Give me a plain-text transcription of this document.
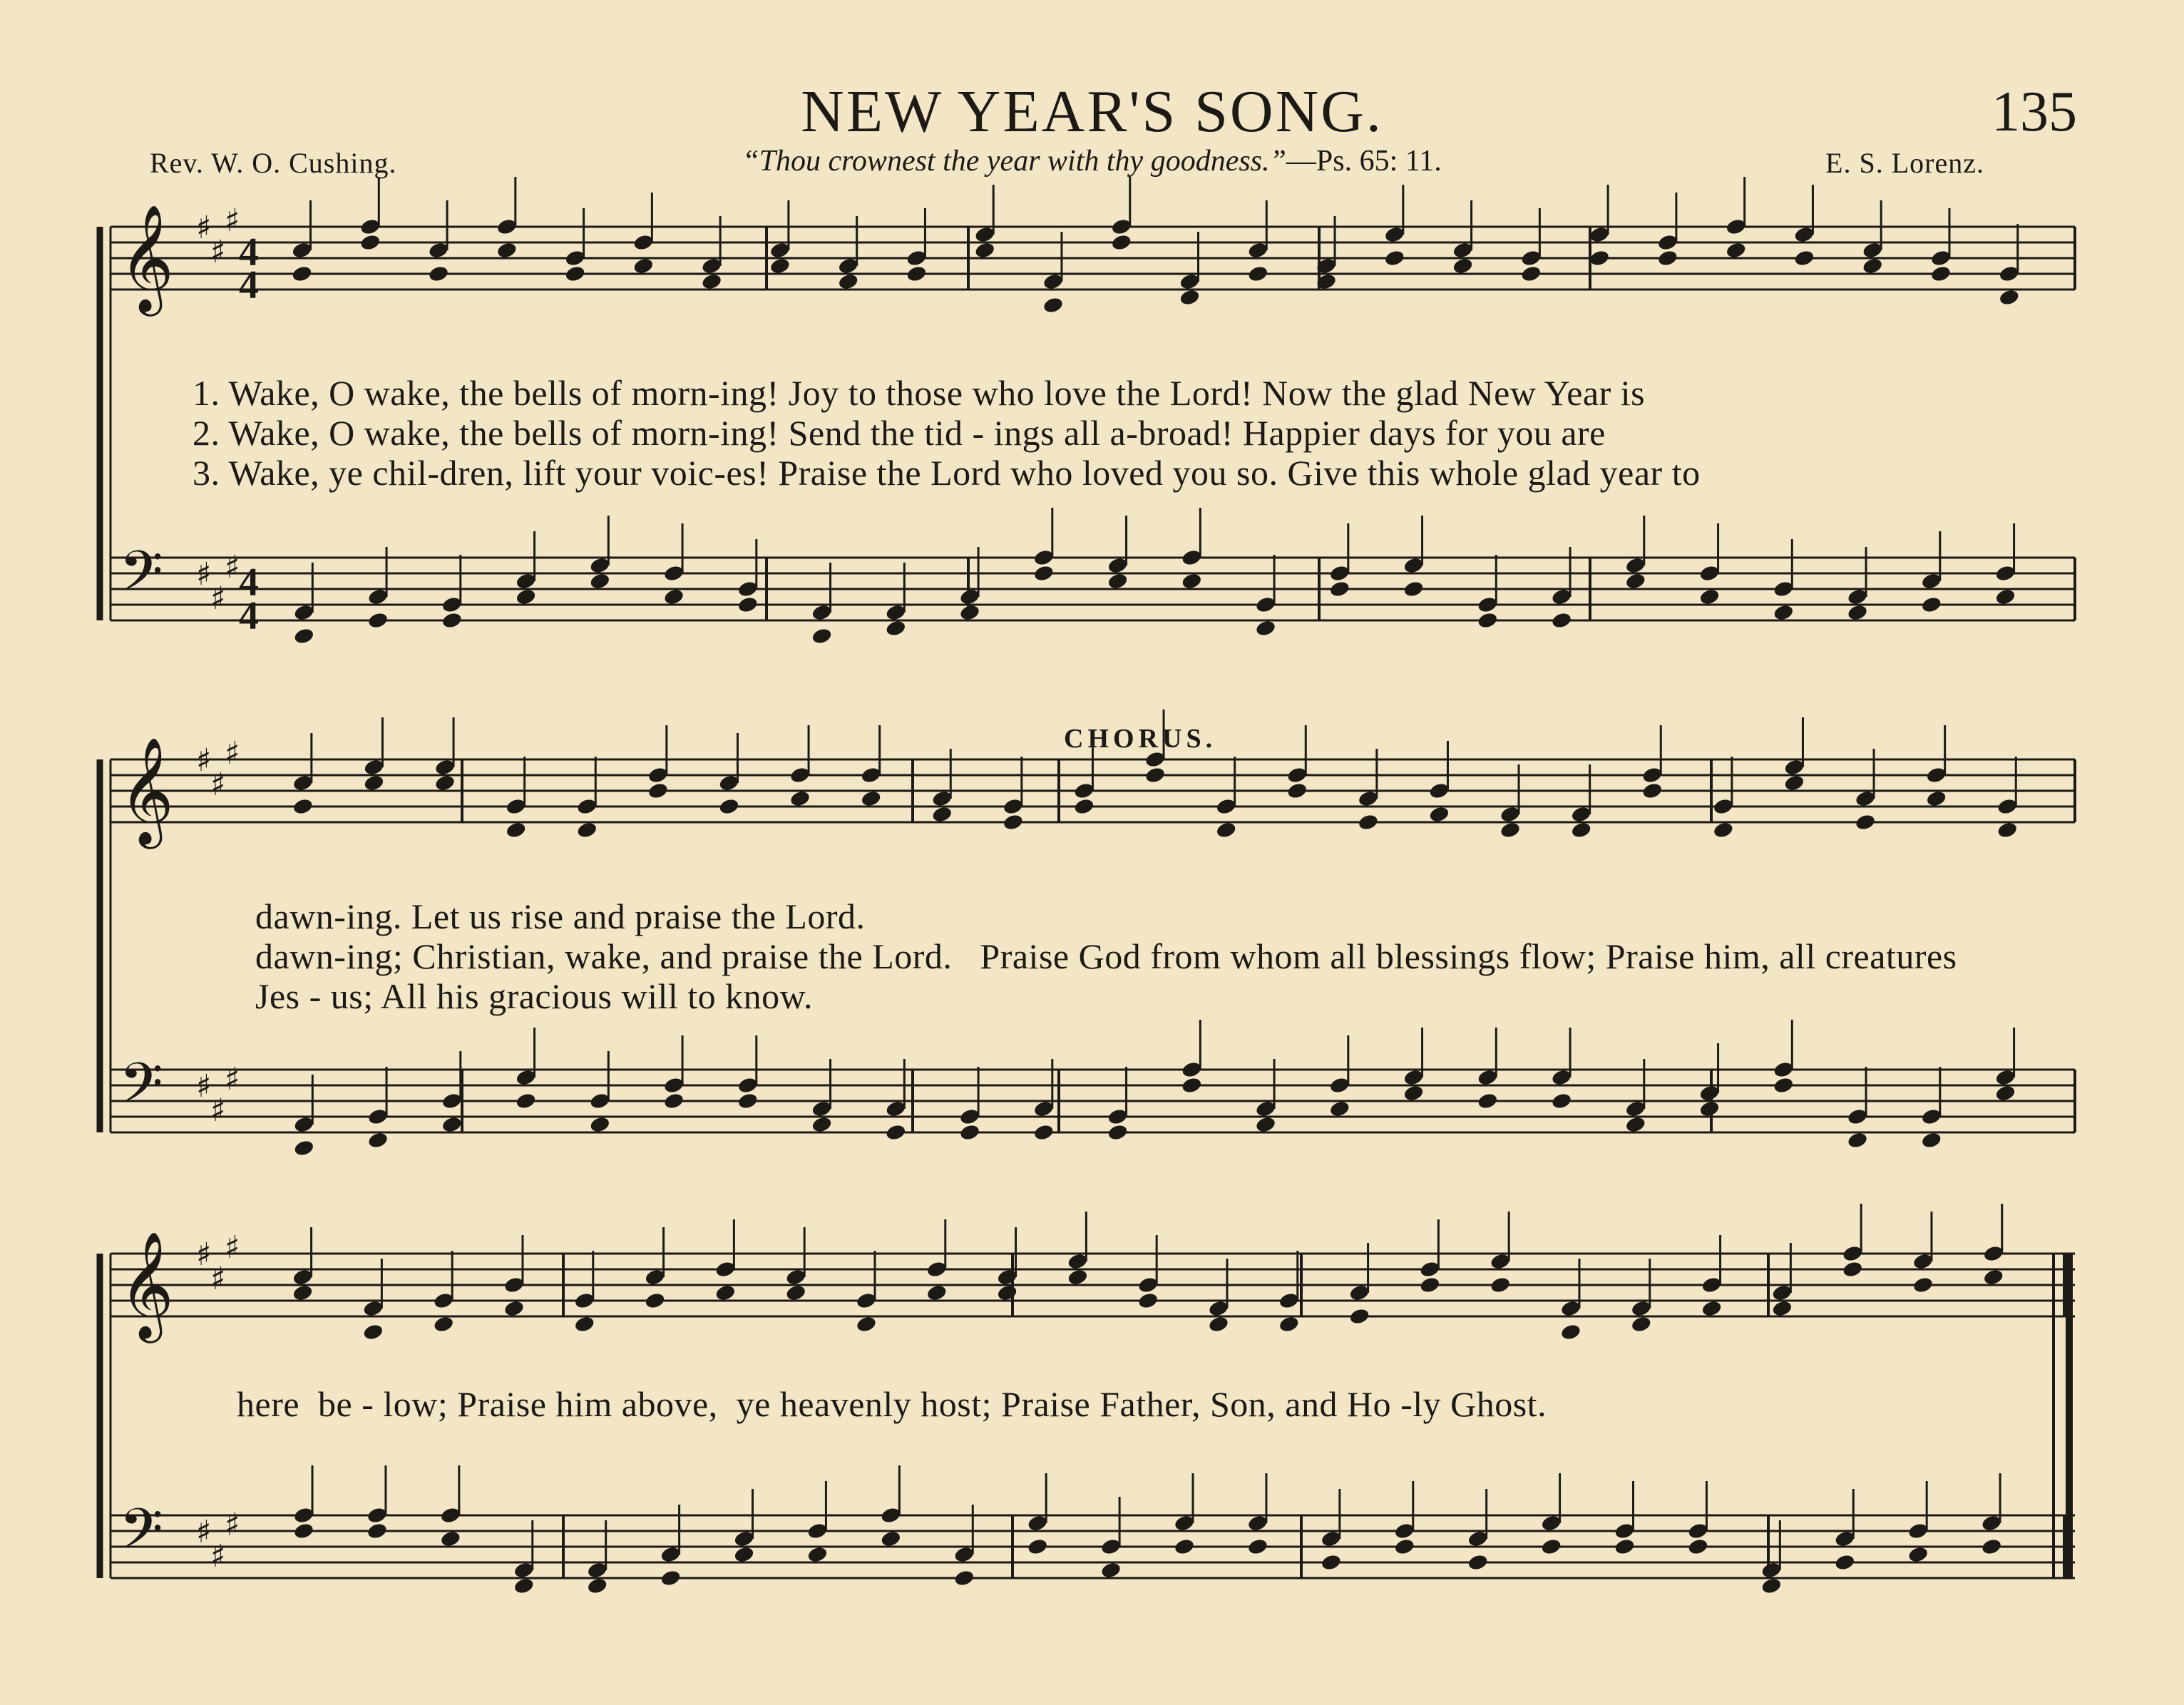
NEW YEAR'S SONG.	135
Rev. W. O. Cushing.	“Thou crownest the year with thy goodness.”—Ps. 65: 11.	E. S. Lorenz.
𝄞 ♯
♯
♯
𝄢 ♯
♯
♯
𝄞 ♯
♯
♯
𝄢 ♯
♯
♯
𝄞 ♯
♯
♯
𝄢 ♯
♯
♯
4
4
4
4
1. Wake, O wake, the bells of morn-ing! Joy to those who love the Lord! Now the glad New Year is
2. Wake, O wake, the bells of morn-ing! Send the tid - ings all a-broad! Happier days for you are
3. Wake, ye chil-dren, lift your voic-es! Praise the Lord who loved you so. Give this whole glad year to
CHORUS.
dawn-ing. Let us rise and praise the Lord.
dawn-ing; Christian, wake, and praise the Lord.   Praise God from whom all blessings flow; Praise him, all creatures
Jes - us; All his gracious will to know.
here  be - low; Praise him above,  ye heavenly host; Praise Father, Son, and Ho -ly Ghost.
